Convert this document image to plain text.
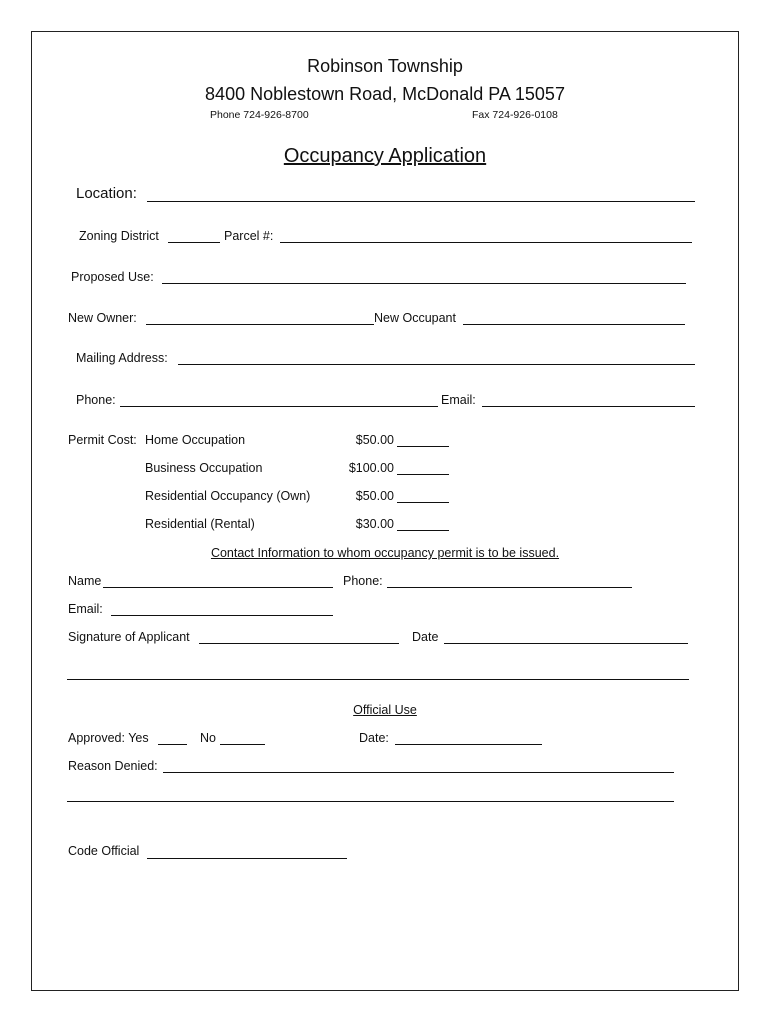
Robinson Township
8400 Noblestown Road, McDonald PA 15057
Phone 724-926-8700	Fax 724-926-0108
Occupancy Application
Location:
Zoning District	Parcel #:
Proposed Use:
New Owner:	New Occupant
Mailing Address:
Phone:	Email:
Permit Cost: Home Occupation	$50.00
Business Occupation	$100.00
Residential Occupancy (Own)	$50.00
Residential (Rental)	$30.00
Contact Information to whom occupancy permit is to be issued.
Name	Phone:
Email:
Signature of Applicant	Date
Official Use
Approved: Yes	No	Date:
Reason Denied:
Code Official
